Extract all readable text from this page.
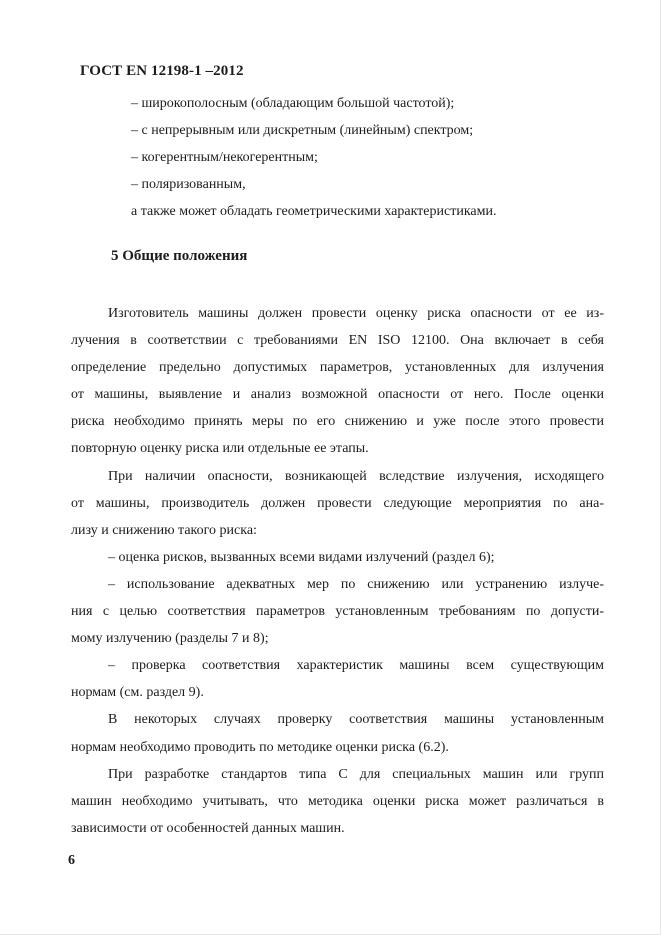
ГОСТ EN 12198-1 –2012
– широкополосным (обладающим большой частотой);
– с непрерывным или дискретным (линейным) спектром;
– когерентным/некогерентным;
– поляризованным,
а также может обладать геометрическими характеристиками.
5 Общие положения

Изготовитель машины должен провести оценку риска опасности от ее из-
лучения в соответствии с требованиями EN ISO 12100. Она включает в себя
определение предельно допустимых параметров, установленных для излучения
от машины, выявление и анализ возможной опасности от него. После оценки
риска необходимо принять меры по его снижению и уже после этого провести
повторную оценку риска или отдельные ее этапы.

При наличии опасности, возникающей вследствие излучения, исходящего
от машины, производитель должен провести следующие мероприятия по ана-
лизу и снижению такого риска:

– оценка рисков, вызванных всеми видами излучений (раздел 6);

– использование адекватных мер по снижению или устранению излуче-
ния с целью соответствия параметров установленным требованиям по допусти-
мому излучению (разделы 7 и 8);

– проверка соответствия характеристик машины всем существующим
нормам (см. раздел 9).

В некоторых случаях проверку соответствия машины установленным
нормам необходимо проводить по методике оценки риска (6.2).

При разработке стандартов типа С для специальных машин или групп
машин необходимо учитывать, что методика оценки риска может различаться в
зависимости от особенностей данных машин.

6
